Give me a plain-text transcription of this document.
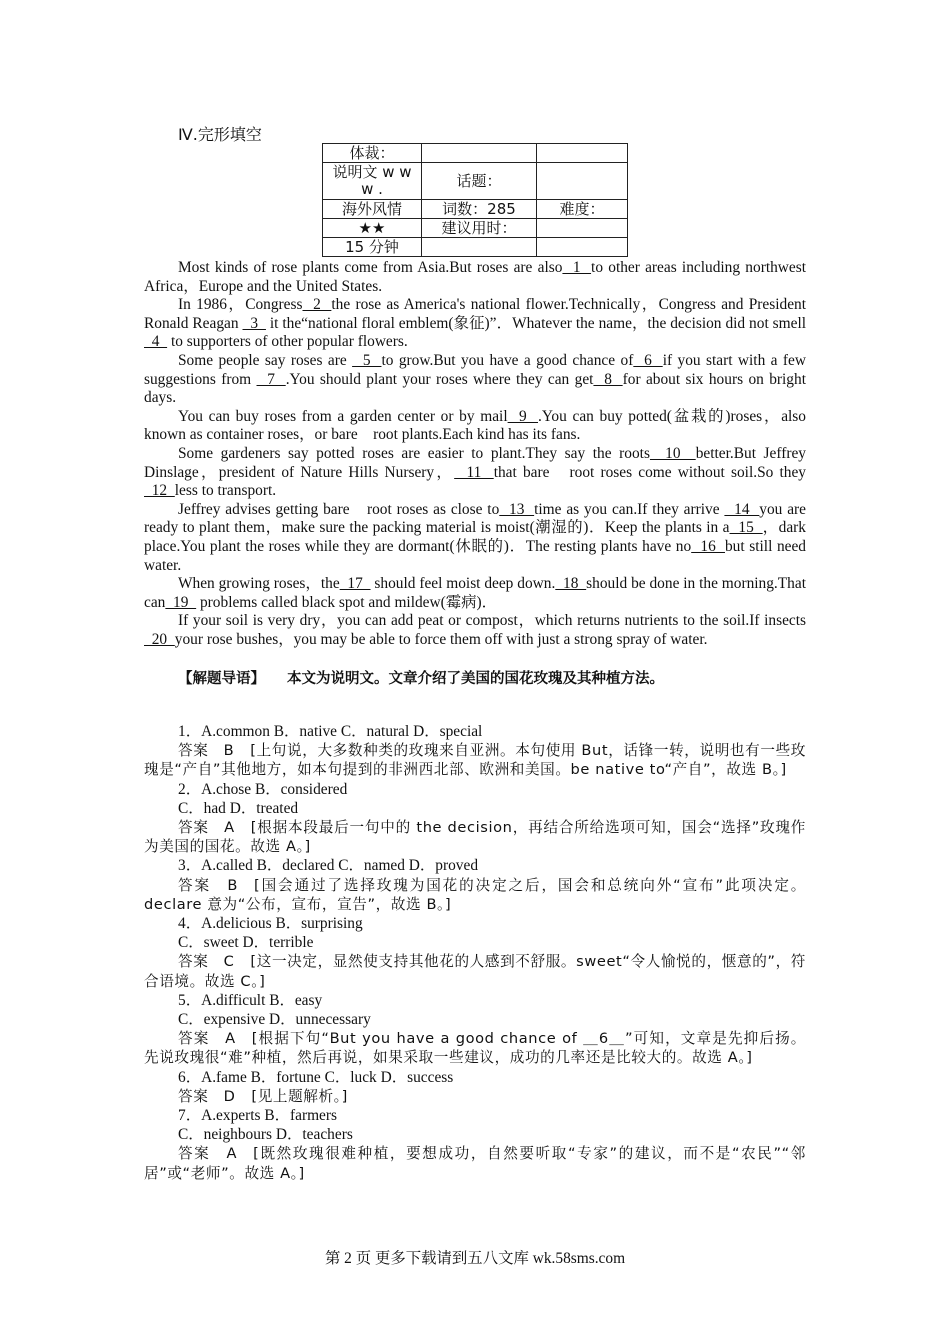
Ⅳ.完形填空
体裁：		
说明文 w w w .	话题：	
海外风情	词数：285	难度：
★★	建议用时：	
15 分钟		

Most kinds of rose plants come from Asia.But roses are also  1  to other areas including northwest Africa，Europe and the United States.

In 1986，Congress  2  the rose as America's national flower.Technically，Congress and President Ronald Reagan   3   it the“national floral emblem(象征)”．Whatever the name，the decision did not smell  4   to supporters of other popular flowers.

Some people say roses are   5  to grow.But you have a good chance of  6  if you start with a few suggestions from   7  .You should plant your roses where they can get  8  for about six hours on bright days.

You can buy roses from a garden center or by mail  9  .You can buy potted(盆栽的)roses，also known as container roses，or bare　root plants.Each kind has its fans.

Some gardeners say potted roses are easier to plant.They say the roots  10  better.But Jeffrey Dinslage，president of Nature Hills Nursery，  11  that bare　root roses come without soil.So they   12  less to transport.

Jeffrey advises getting bare　root roses as close to  13  time as you can.If they arrive   14  you are ready to plant them，make sure the packing material is moist(潮湿的)．Keep the plants in a  15  ，dark place.You plant the roses while they are dormant(休眠的)．The resting plants have no  16  but still need water.

When growing roses，the  17   should feel moist deep down.  18  should be done in the morning.That can  19   problems called black spot and mildew(霉病)．

If your soil is very dry，you can add peat or compost，which returns nutrients to the soil.If insects   20  your rose bushes，you may be able to force them off with just a strong spray of water.

【解题导语】 本文为说明文。文章介绍了美国的国花玫瑰及其种植方法。

1．A.common B．native C．natural D．special

答案　B [上句说，大多数种类的玫瑰来自亚洲。本句使用 But，话锋一转，说明也有一些玫瑰是“产自”其他地方，如本句提到的非洲西北部、欧洲和美国。be native to“产自”，故选 B。]

2．A.chose B．considered

C．had D．treated

答案　A [根据本段最后一句中的 the decision，再结合所给选项可知，国会“选择”玫瑰作为美国的国花。故选 A。]

3．A.called B．declared C．named D．proved

答案　B [国会通过了选择玫瑰为国花的决定之后，国会和总统向外“宣布”此项决定。declare 意为“公布，宣布，宣告”，故选 B。]

4．A.delicious B．surprising

C．sweet D．terrible

答案　C [这一决定，显然使支持其他花的人感到不舒服。sweet“令人愉悦的，惬意的”，符合语境。故选 C。]

5．A.difficult B．easy

C．expensive D．unnecessary

答案　A [根据下句“But you have a good chance of ＿6＿”可知，文章是先抑后扬。先说玫瑰很“难”种植，然后再说，如果采取一些建议，成功的几率还是比较大的。故选 A。]

6．A.fame B．fortune C．luck D．success

答案　D [见上题解析。]

7．A.experts B．farmers

C．neighbours D．teachers

答案　A [既然玫瑰很难种植，要想成功，自然要听取“专家”的建议，而不是“农民”“邻居”或“老师”。故选 A。]

第 2 页 更多下载请到五八文库 wk.58sms.com
